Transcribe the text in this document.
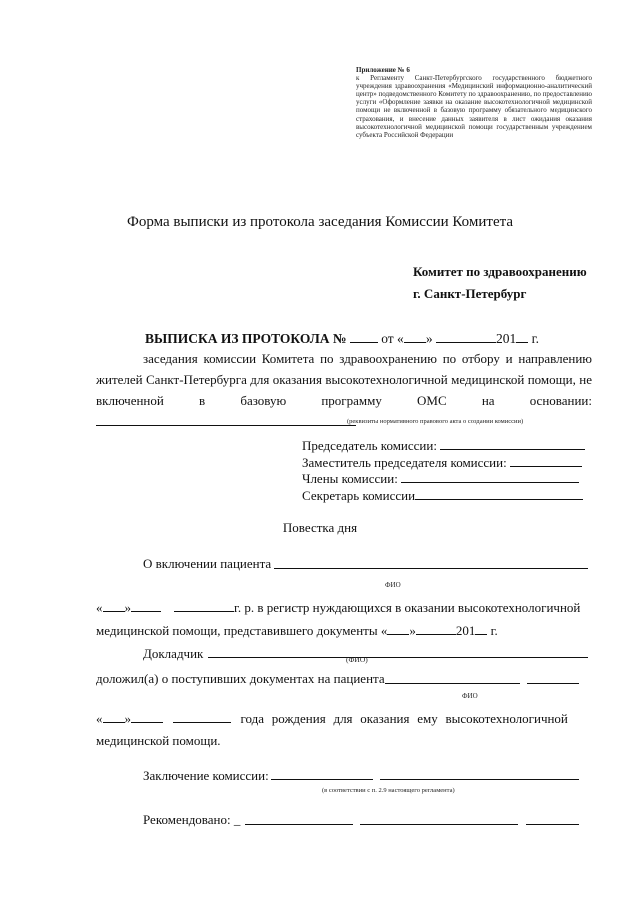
Приложение № 6
к Регламенту Санкт-Петербургского государственного бюджетного учреждения здравоохранения «Медицинский информационно-аналитический центр» подведомственного Комитету по здравоохранению, по предоставлению услуги «Оформление заявки на оказание высокотехнологичной медицинской помощи не включенной в базовую программу обязательного медицинского страхования, и внесение данных заявителя в лист ожидания оказания высокотехнологичной медицинской помощи государственным учреждением субъекта Российской Федерации
Форма выписки из протокола заседания Комиссии Комитета
Комитет по здравоохранению
г. Санкт-Петербург
ВЫПИСКА ИЗ ПРОТОКОЛА №	от « »	201 г.
заседания комиссии Комитета по здравоохранению по отбору и направлению жителей Санкт-Петербурга для оказания высокотехнологичной медицинской помощи, не включенной в базовую программу ОМС на основании:
(реквизиты нормативного правового акта о создании комиссии)
Председатель комиссии:
Заместитель председателя комиссии:
Члены комиссии:
Секретарь комиссии
Повестка дня
О включении пациента
ФИО
« »	г. р. в регистр нуждающихся в оказании высокотехнологичной
медицинской помощи, представившего документы « »	201 г.
Докладчик	(ФИО)
доложил(а) о поступивших документах на пациента
ФИО
« »	года рождения для оказания ему высокотехнологичной
медицинской помощи.
Заключение комиссии:
(в соответствии с п. 2.9 настоящего регламента)
Рекомендовано: _
